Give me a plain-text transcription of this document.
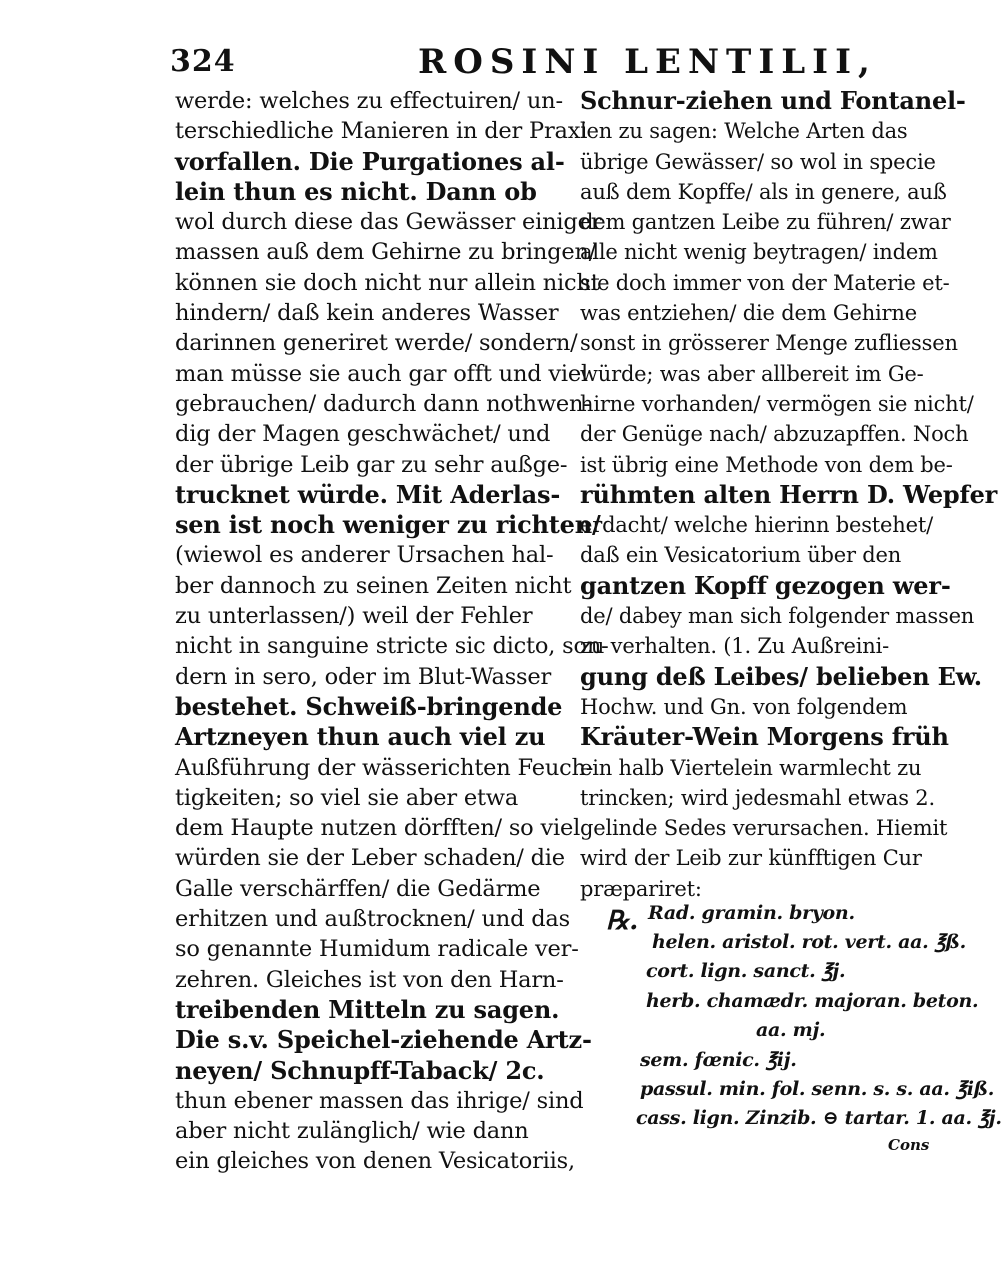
324	ROSINI LENTILII,
werde: welches zu effectuiren/ un-
terschiedliche Manieren in der Praxi
vorfallen. Die Purgationes al-
lein thun es nicht. Dann ob
wol durch diese das Gewässer einiger
massen auß dem Gehirne zu bringen/
können sie doch nicht nur allein nicht
hindern/ daß kein anderes Wasser
darinnen generiret werde/ sondern/
man müsse sie auch gar offt und viel
gebrauchen/ dadurch dann nothwen-
dig der Magen geschwächet/ und
der übrige Leib gar zu sehr außge-
trucknet würde. Mit Aderlas-
sen ist noch weniger zu richten/
(wiewol es anderer Ursachen hal-
ber dannoch zu seinen Zeiten nicht
zu unterlassen/) weil der Fehler
nicht in sanguine stricte sic dicto, son-
dern in sero, oder im Blut-Wasser
bestehet. Schweiß-bringende
Artzneyen thun auch viel zu
Außführung der wässerichten Feuch-
tigkeiten; so viel sie aber etwa
dem Haupte nutzen dörfften/ so viel
würden sie der Leber schaden/ die
Galle verschärffen/ die Gedärme
erhitzen und außtrocknen/ und das
so genannte Humidum radicale ver-
zehren. Gleiches ist von den Harn-
treibenden Mitteln zu sagen.
Die s.v. Speichel-ziehende Artz-
neyen/ Schnupff-Taback/ 2c.
thun ebener massen das ihrige/ sind
aber nicht zulänglich/ wie dann
ein gleiches von denen Vesicatoriis,
Schnur-ziehen und Fontanel-
len zu sagen: Welche Arten das
übrige Gewässer/ so wol in specie
auß dem Kopffe/ als in genere, auß
dem gantzen Leibe zu führen/ zwar
alle nicht wenig beytragen/ indem
sie doch immer von der Materie et-
was entziehen/ die dem Gehirne
sonst in grösserer Menge zufliessen
würde; was aber allbereit im Ge-
hirne vorhanden/ vermögen sie nicht/
der Genüge nach/ abzuzapffen. Noch
ist übrig eine Methode von dem be-
rühmten alten Herrn D. Wepfer
erdacht/ welche hierinn bestehet/
daß ein Vesicatorium über den
gantzen Kopff gezogen wer-
de/ dabey man sich folgender massen
zu verhalten. (1. Zu Außreini-
gung deß Leibes/ belieben Ew.
Hochw. und Gn. von folgendem
Kräuter-Wein Morgens früh
ein halb Viertelein warmlecht zu
trincken; wird jedesmahl etwas 2.
gelinde Sedes verursachen. Hiemit
wird der Leib zur künfftigen Cur
præpariret:
℞. Rad. gramin. bryon.
helen. aristol. rot. vert. aa. ℥ß.
cort. lign. sanct. ℥j.
herb. chamædr. majoran. beton.
aa. mj.
sem. fœnic. ℥ij.
passul. min. fol. senn. s. s. aa. ℥iß.
cass. lign. Zinzib. ⊖ tartar. 1. aa. ℥j.
Cons
